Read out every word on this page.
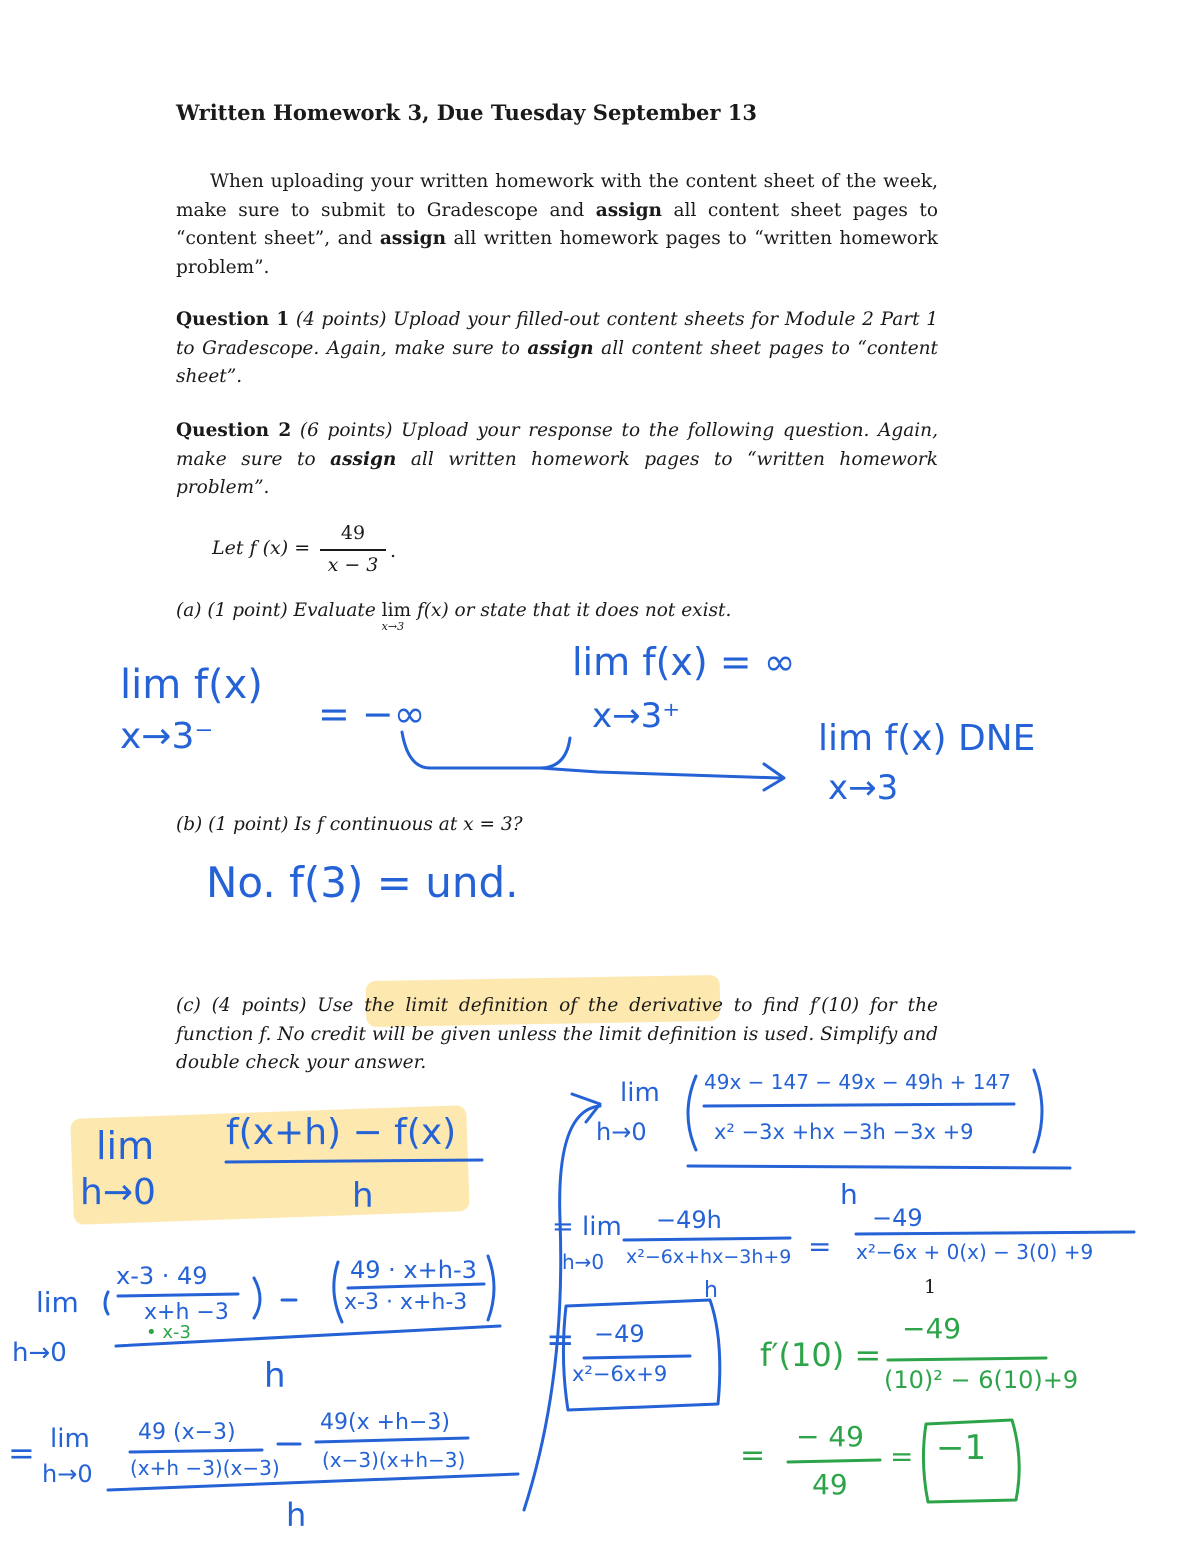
Written Homework 3, Due Tuesday September 13
When uploading your written homework with the content sheet of the week, make sure to submit to Gradescope and assign all content sheet pages to “content sheet”, and assign all written homework pages to “written homework problem”.
Question 1 (4 points) Upload your filled-out content sheets for Module 2 Part 1 to Gradescope. Again, make sure to assign all content sheet pages to “content sheet”.
Question 2 (6 points) Upload your response to the following question. Again, make sure to assign all written homework pages to “written homework problem”.
Let f (x) =
49
x − 3
.
(a) (1 point) Evaluate lim
x→3
f(x) or state that it does not exist.
(b) (1 point) Is f continuous at x = 3?
(c) (4 points) Use the limit definition of the derivative to find f′(10) for the function f. No credit will be given unless the limit definition is used. Simplify and double check your answer.
1
lim f(x)
x→3⁻
= −∞
lim f(x) = ∞
x→3⁺
lim f(x) DNE
x→3
No. f(3) = und.
lim
h→0
f(x+h) − f(x)
h
lim
h→0
x-3 · 49
x+h −3
• x-3
49 · x+h-3
x-3 · x+h-3
h
= lim
h→0
49 (x−3)
(x+h −3)(x−3)
49(x +h−3)
(x−3)(x+h−3)
h
lim
h→0
49x − 147 − 49x − 49h + 147
x² −3x +hx −3h −3x +9
h
= lim
h→0
−49h
x²−6x+hx−3h+9
h
=
−49
x²−6x + 0(x) − 3(0) +9
= −49
x²−6x+9	f′(10) =
−49
(10)² − 6(10)+9
=
− 49
49
= −1
